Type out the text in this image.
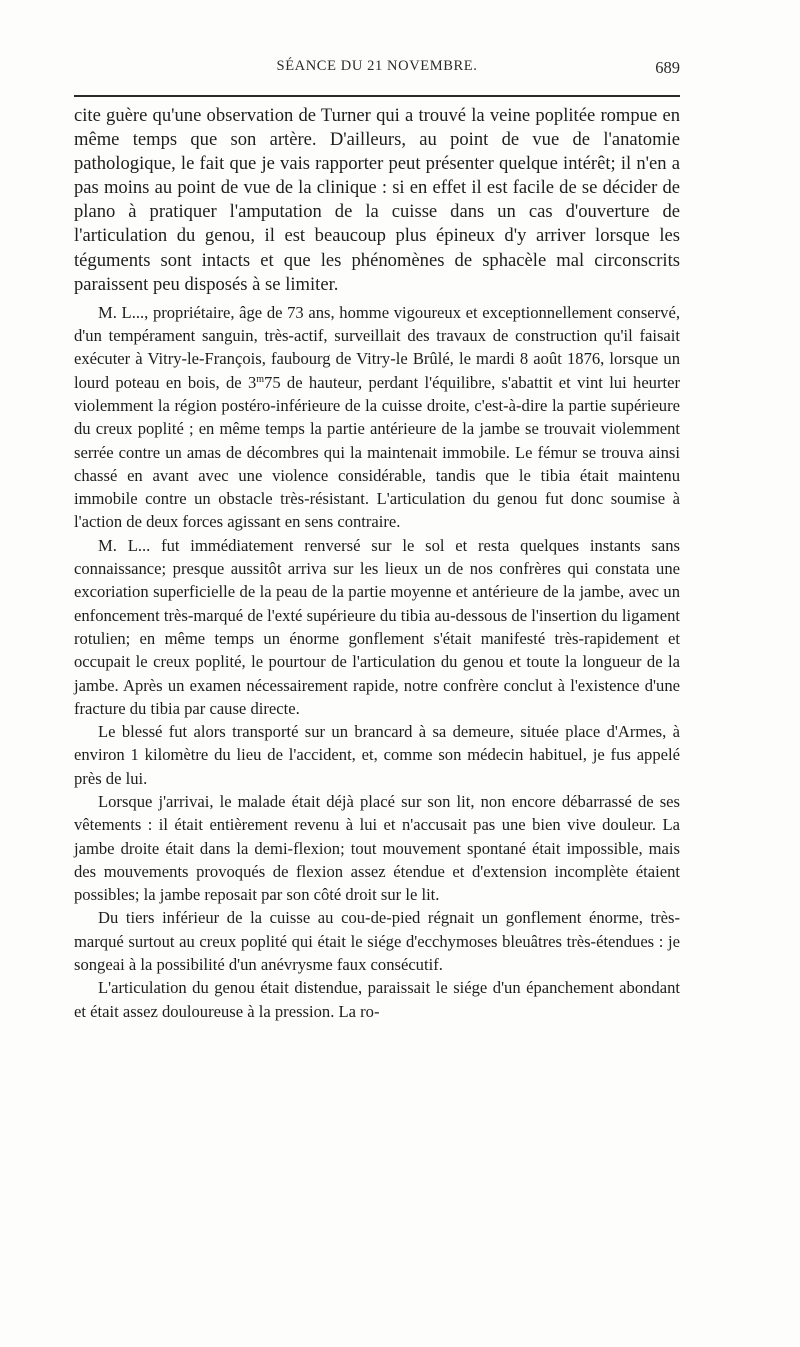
SÉANCE DU 21 NOVEMBRE.	689

cite guère qu'une observation de Turner qui a trouvé la veine poplitée rompue en même temps que son artère. D'ailleurs, au point de vue de l'anatomie pathologique, le fait que je vais rapporter peut présenter quelque intérêt; il n'en a pas moins au point de vue de la clinique : si en effet il est facile de se décider de plano à pratiquer l'amputation de la cuisse dans un cas d'ouverture de l'articulation du genou, il est beaucoup plus épineux d'y arriver lorsque les téguments sont intacts et que les phénomènes de sphacèle mal circonscrits paraissent peu disposés à se limiter.

M. L..., propriétaire, âge de 73 ans, homme vigoureux et exceptionnellement conservé, d'un tempérament sanguin, très-actif, surveillait des travaux de construction qu'il faisait exécuter à Vitry-le-François, faubourg de Vitry-le Brûlé, le mardi 8 août 1876, lorsque un lourd poteau en bois, de 3$^m$75 de hauteur, perdant l'équilibre, s'abattit et vint lui heurter violemment la région postéro-inférieure de la cuisse droite, c'est-à-dire la partie supérieure du creux poplité ; en même temps la partie antérieure de la jambe se trouvait violemment serrée contre un amas de décombres qui la maintenait immobile. Le fémur se trouva ainsi chassé en avant avec une violence considérable, tandis que le tibia était maintenu immobile contre un obstacle très-résistant. L'articulation du genou fut donc soumise à l'action de deux forces agissant en sens contraire.

M. L... fut immédiatement renversé sur le sol et resta quelques instants sans connaissance; presque aussitôt arriva sur les lieux un de nos confrères qui constata une excoriation superficielle de la peau de la partie moyenne et antérieure de la jambe, avec un enfoncement très-marqué de l'exté supérieure du tibia au-dessous de l'insertion du ligament rotulien; en même temps un énorme gonflement s'était manifesté très-rapidement et occupait le creux poplité, le pourtour de l'articulation du genou et toute la longueur de la jambe. Après un examen nécessairement rapide, notre confrère conclut à l'existence d'une fracture du tibia par cause directe.

Le blessé fut alors transporté sur un brancard à sa demeure, située place d'Armes, à environ 1 kilomètre du lieu de l'accident, et, comme son médecin habituel, je fus appelé près de lui.

Lorsque j'arrivai, le malade était déjà placé sur son lit, non encore débarrassé de ses vêtements : il était entièrement revenu à lui et n'accusait pas une bien vive douleur. La jambe droite était dans la demi-flexion; tout mouvement spontané était impossible, mais des mouvements provoqués de flexion assez étendue et d'extension incomplète étaient possibles; la jambe reposait par son côté droit sur le lit.

Du tiers inférieur de la cuisse au cou-de-pied régnait un gonflement énorme, très-marqué surtout au creux poplité qui était le siége d'ecchymoses bleuâtres très-étendues : je songeai à la possibilité d'un anévrysme faux consécutif.

L'articulation du genou était distendue, paraissait le siége d'un épanchement abondant et était assez douloureuse à la pression. La ro-
